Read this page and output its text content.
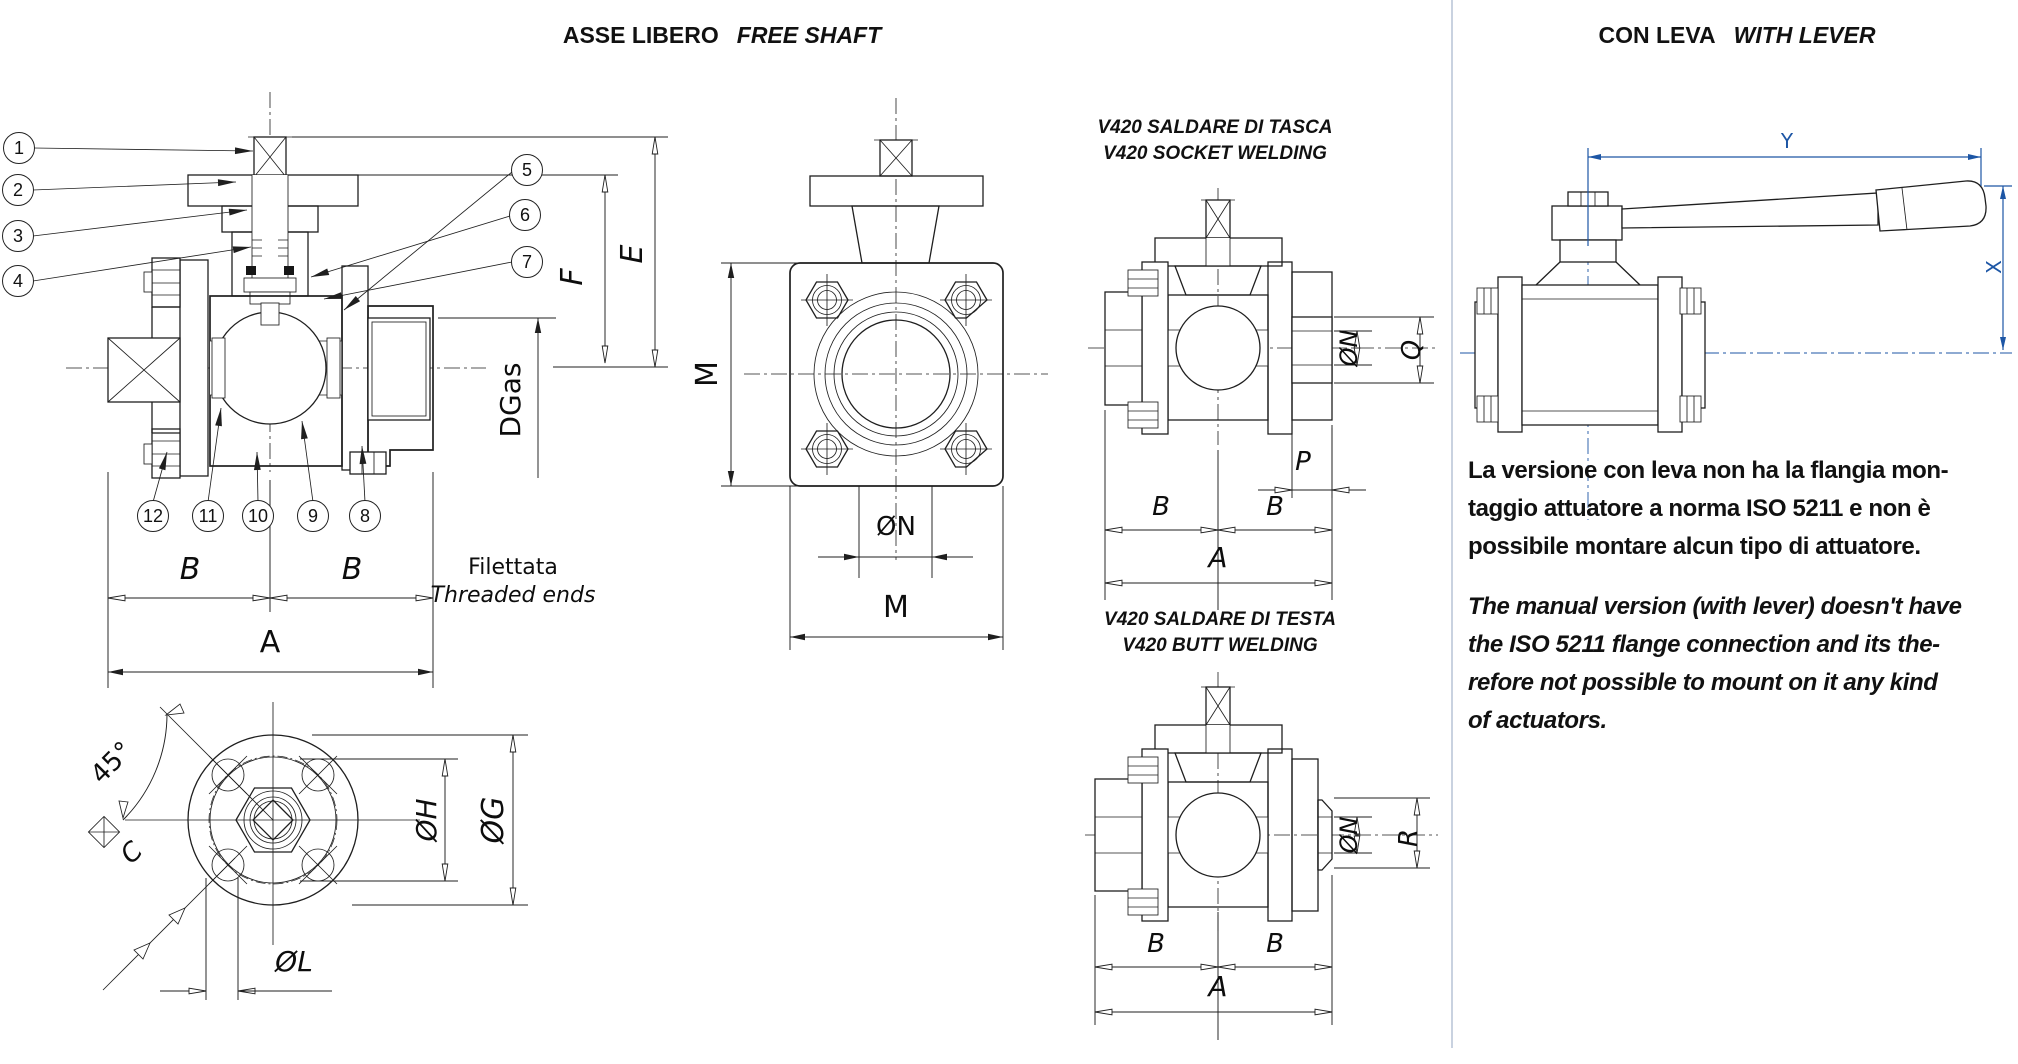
ASSE LIBERO FREE SHAFT	CON LEVA WITH LEVER
1
2
3
4
5
6
7
8
9
10
11
12
E
F
DGas
B	B
A
Filettata
Threaded ends
M
ØN
M
V420 SALDARE DI TASCA
V420 SOCKET WELDING
ØN Q
P
B	B
A
V420 SALDARE DI TESTA
V420 BUTT WELDING
ØN R
B	B
A
45°
C
ØH ØG
ØL
Y
X
La versione con leva non ha la flangia mon-
taggio attuatore a norma ISO 5211 e non è
possibile montare alcun tipo di attuatore.
The manual version (with lever) doesn't have
the ISO 5211 flange connection and its the-
refore not possible to mount on it any kind
of actuators.
